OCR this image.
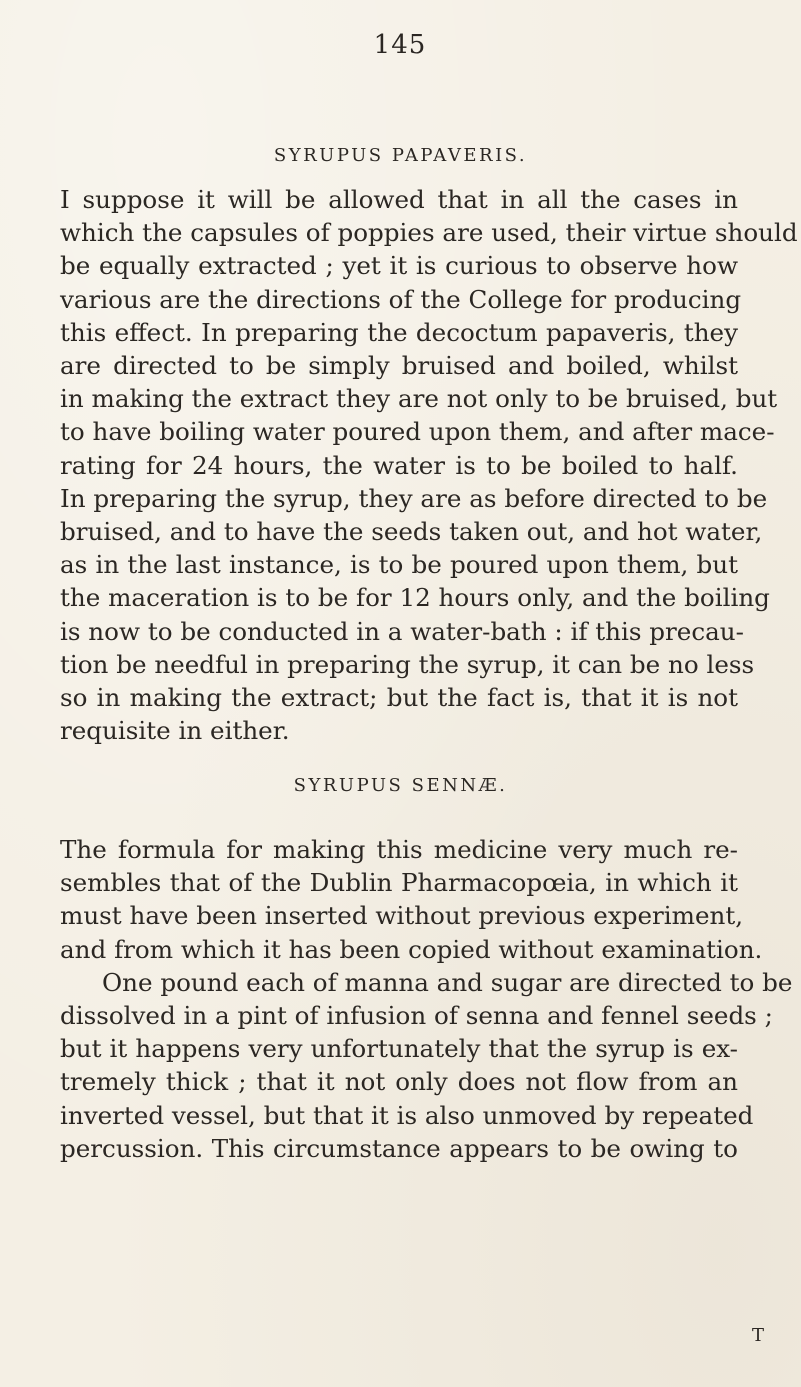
145
SYRUPUS PAPAVERIS.
I suppose it will be allowed that in all the cases in
which the capsules of poppies are used, their virtue should
be equally extracted ; yet it is curious to observe how
various are the directions of the College for producing
this effect. In preparing the decoctum papaveris, they
are directed to be simply bruised and boiled, whilst
in making the extract they are not only to be bruised, but
to have boiling water poured upon them, and after mace-
rating for 24 hours, the water is to be boiled to half.
In preparing the syrup, they are as before directed to be
bruised, and to have the seeds taken out, and hot water,
as in the last instance, is to be poured upon them, but
the maceration is to be for 12 hours only, and the boiling
is now to be conducted in a water-bath : if this precau-
tion be needful in preparing the syrup, it can be no less
so in making the extract; but the fact is, that it is not
requisite in either.
SYRUPUS SENNÆ.
The formula for making this medicine very much re-
sembles that of the Dublin Pharmacopœia, in which it
must have been inserted without previous experiment,
and from which it has been copied without examination.
One pound each of manna and sugar are directed to be
dissolved in a pint of infusion of senna and fennel seeds ;
but it happens very unfortunately that the syrup is ex-
tremely thick ; that it not only does not flow from an
inverted vessel, but that it is also unmoved by repeated
percussion. This circumstance appears to be owing to
T
